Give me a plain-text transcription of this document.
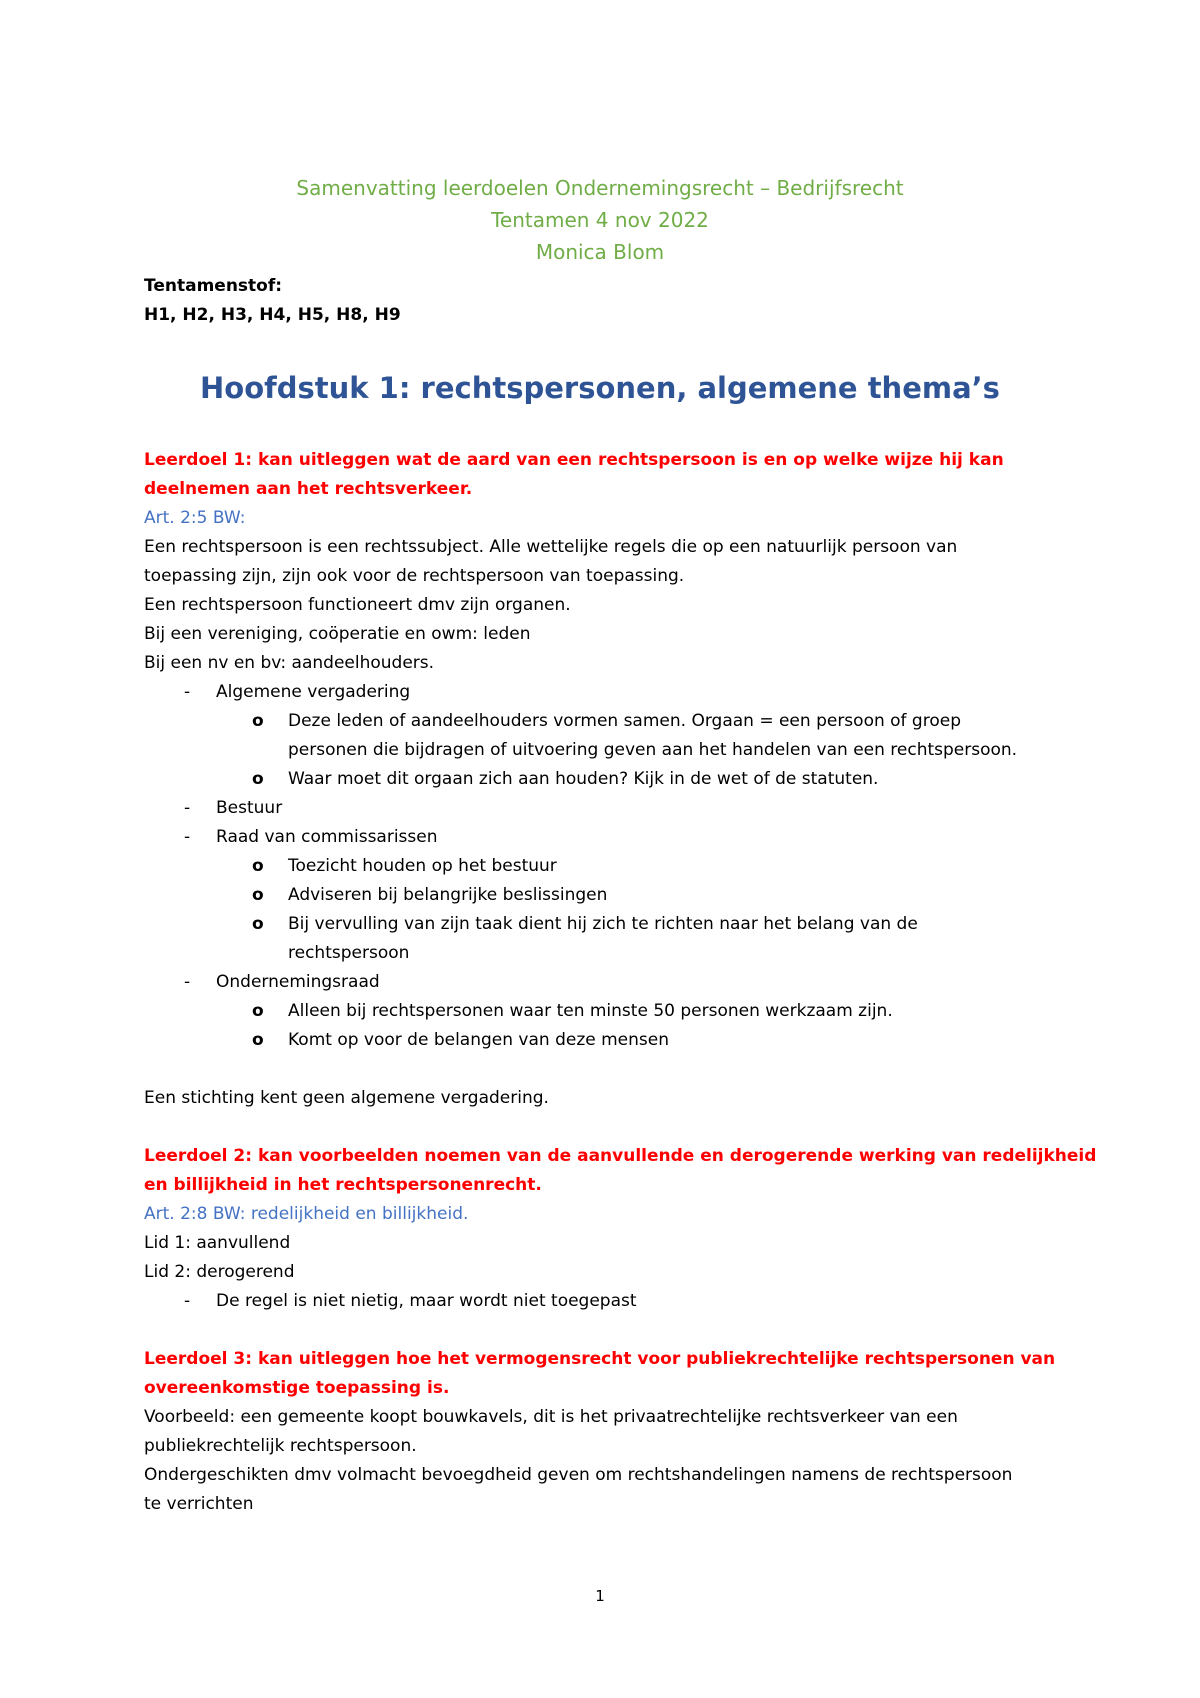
Samenvatting leerdoelen Ondernemingsrecht – Bedrijfsrecht
Tentamen 4 nov 2022
Monica Blom
Tentamenstof:
H1, H2, H3, H4, H5, H8, H9
Hoofdstuk 1: rechtspersonen, algemene thema’s
Leerdoel 1: kan uitleggen wat de aard van een rechtspersoon is en op welke wijze hij kan
deelnemen aan het rechtsverkeer.
Art. 2:5 BW:
Een rechtspersoon is een rechtssubject. Alle wettelijke regels die op een natuurlijk persoon van
toepassing zijn, zijn ook voor de rechtspersoon van toepassing.
Een rechtspersoon functioneert dmv zijn organen.
Bij een vereniging, coöperatie en owm: leden
Bij een nv en bv: aandeelhouders.
- Algemene vergadering
o Deze leden of aandeelhouders vormen samen. Orgaan = een persoon of groep
personen die bijdragen of uitvoering geven aan het handelen van een rechtspersoon.
o Waar moet dit orgaan zich aan houden? Kijk in de wet of de statuten.
- Bestuur
- Raad van commissarissen
o Toezicht houden op het bestuur
o Adviseren bij belangrijke beslissingen
o Bij vervulling van zijn taak dient hij zich te richten naar het belang van de
rechtspersoon
- Ondernemingsraad
o Alleen bij rechtspersonen waar ten minste 50 personen werkzaam zijn.
o Komt op voor de belangen van deze mensen
Een stichting kent geen algemene vergadering.
Leerdoel 2: kan voorbeelden noemen van de aanvullende en derogerende werking van redelijkheid
en billijkheid in het rechtspersonenrecht.
Art. 2:8 BW: redelijkheid en billijkheid.
Lid 1: aanvullend
Lid 2: derogerend
- De regel is niet nietig, maar wordt niet toegepast
Leerdoel 3: kan uitleggen hoe het vermogensrecht voor publiekrechtelijke rechtspersonen van
overeenkomstige toepassing is.
Voorbeeld: een gemeente koopt bouwkavels, dit is het privaatrechtelijke rechtsverkeer van een
publiekrechtelijk rechtspersoon.
Ondergeschikten dmv volmacht bevoegdheid geven om rechtshandelingen namens de rechtspersoon
te verrichten
1
